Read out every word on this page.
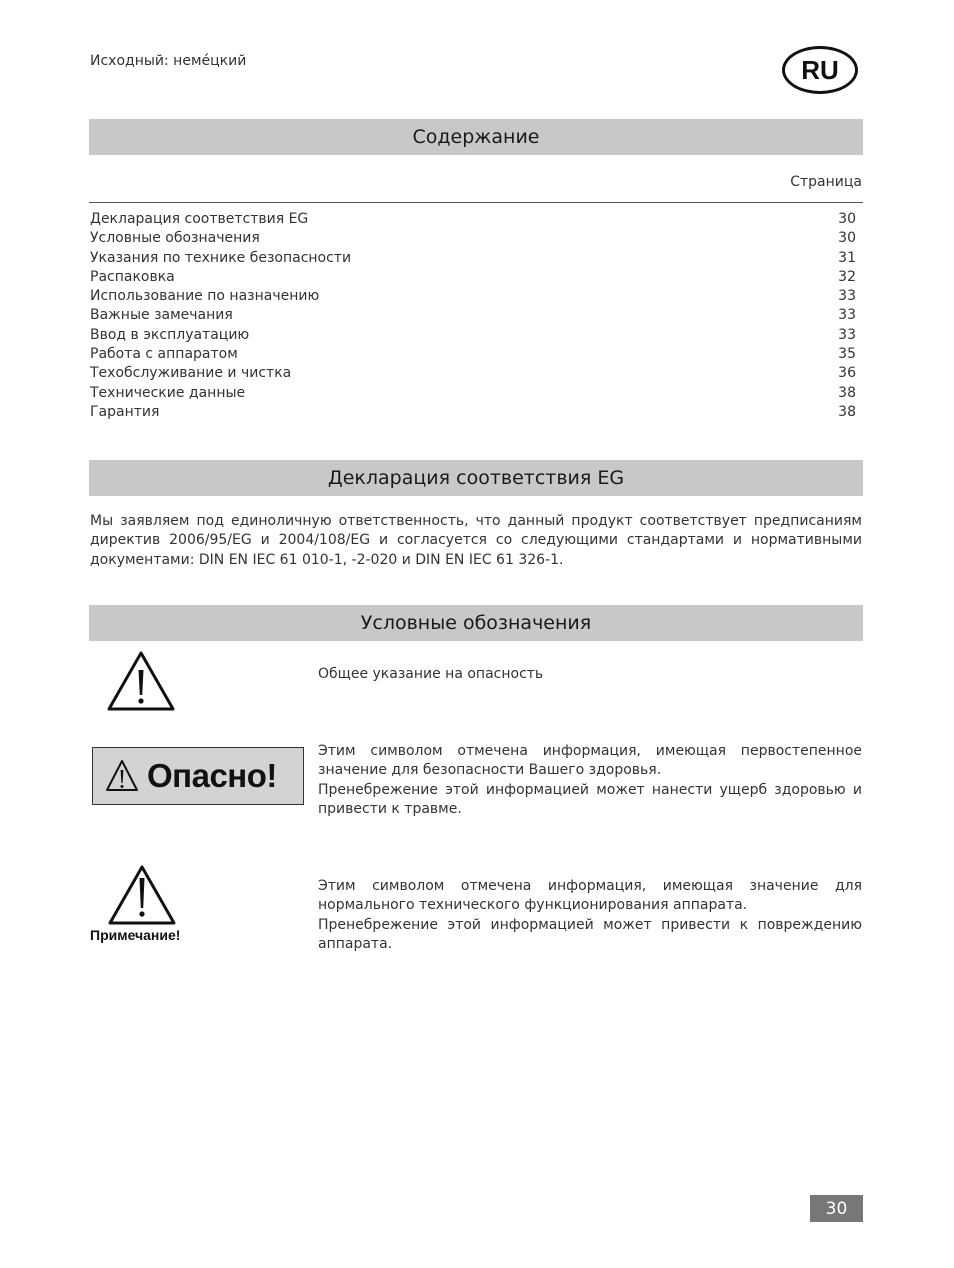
Исходный: немéцкий	RU
Содержание
Страница
Декларация соответствия EG	30
Условные обозначения	30
Указания по технике безопасности	31
Распаковка	32
Использование по назначению	33
Важные замечания	33
Ввод в эксплуатацию	33
Работа с аппаратом	35
Техобслуживание и чистка	36
Технические данные	38
Гарантия	38
Декларация соответствия EG
Мы заявляем под единоличную ответственность, что данный продукт соответствует предписаниям директив 2006/95/EG и 2004/108/EG и согласуется со следующими стандартами и нормативными документами: DIN EN IEC 61 010-1, -2-020 и DIN EN IEC 61 326-1.
Условные обозначения
Общее указание на опасность
Опасно!
Этим символом отмечена информация, имеющая первостепенное значение для безопасности Вашего здоровья.
Пренебрежение этой информацией может нанести ущерб здоровью и привести к травме.
Примечание!
Этим символом отмечена информация, имеющая значение для нормального технического функционирования аппарата.
Пренебрежение этой информацией может привести к повреждению аппарата.
30
